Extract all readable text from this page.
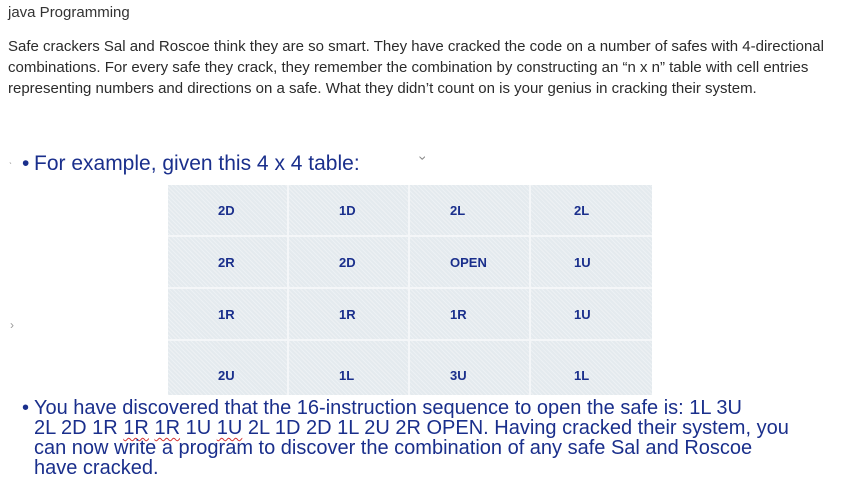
java Programming
Safe crackers Sal and Roscoe think they are so smart. They have cracked the code on a number of safes with 4-directional combinations. For every safe they crack, they remember the combination by constructing an “n x n” table with cell entries representing numbers and directions on a safe. What they didn’t count on is your genius in cracking their system.
ˎ	›
›
• For example, given this 4 x 4 table:
2D	1D	2L	2L
2R	2D	OPEN	1U
1R	1R	1R	1U
2U	1L	3U	1L
• You have discovered that the 16-instruction sequence to open the safe is: 1L 3U
2L 2D 1R 1R 1R 1U 1U 2L 1D 2D 1L 2U 2R OPEN. Having cracked their system, you
can now write a program to discover the combination of any safe Sal and Roscoe
have cracked.
